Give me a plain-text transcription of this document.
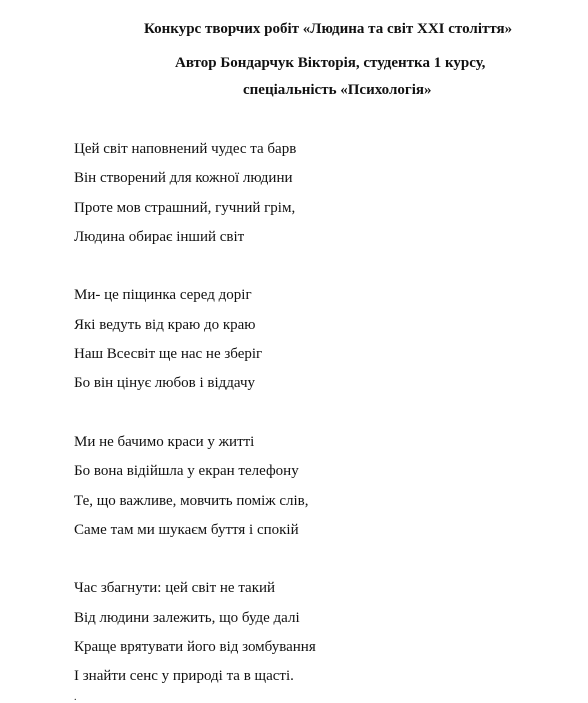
Конкурс творчих робіт «Людина та світ XXI століття»
Автор Бондарчук Вікторія, студентка 1 курсу,
спеціальність «Психологія»
Цей світ наповнений чудес та барв
Він створений для кожної людини
Проте мов страшний, гучний грім,
Людина обирає інший світ
Ми- це піщинка серед доріг
Які ведуть від краю до краю
Наш Всесвіт ще нас не зберіг
Бо він цінує любов і віддачу
Ми не бачимо краси у житті
Бо вона відійшла у екран телефону
Те, що важливе, мовчить поміж слів,
Саме там ми шукаєм буття і спокій
Час збагнути: цей світ не такий
Від людини залежить, що буде далі
Краще врятувати його від зомбування
І знайти сенс у природі та в щасті.
.
